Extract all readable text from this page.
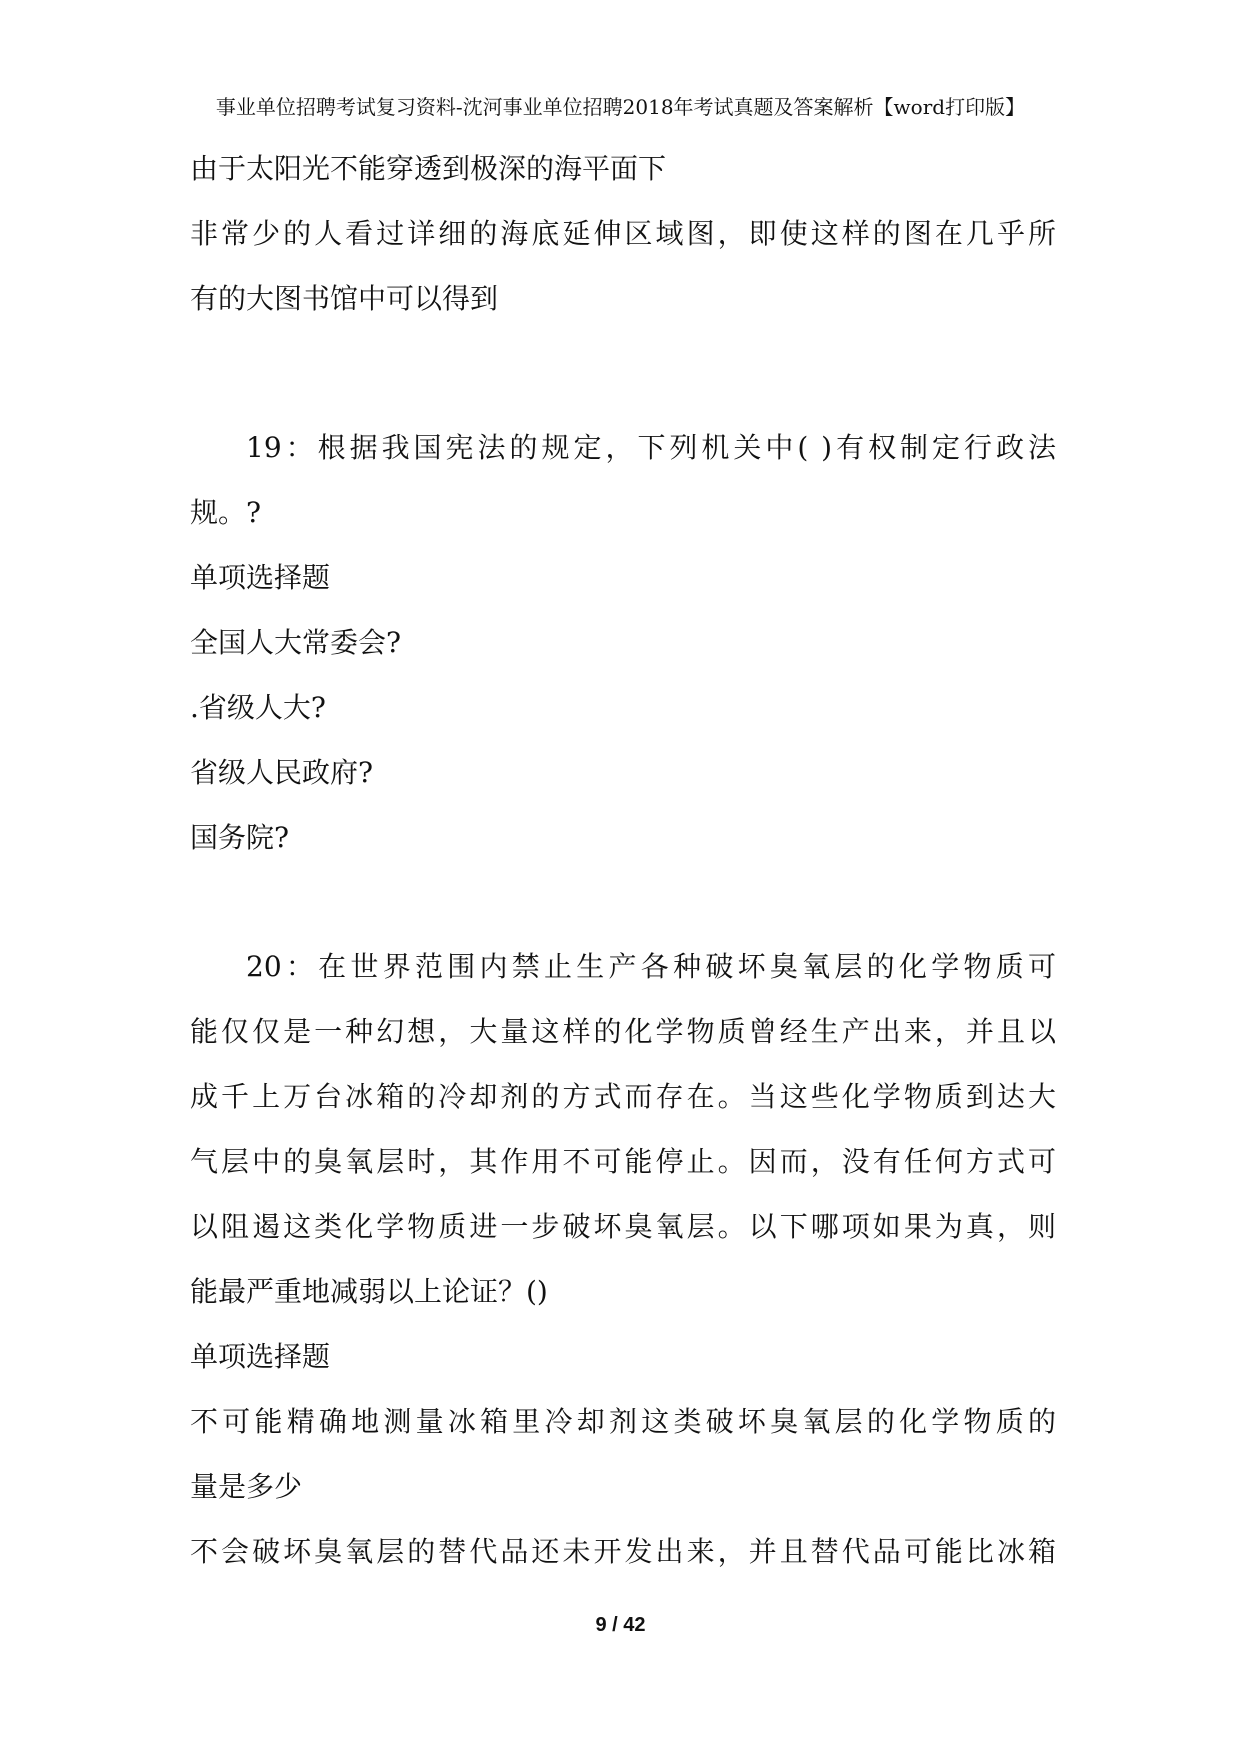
事业单位招聘考试复习资料-沈河事业单位招聘2018年考试真题及答案解析【word打印版】
由于太阳光不能穿透到极深的海平面下
非常少的人看过详细的海底延伸区域图，即使这样的图在几乎所
有的大图书馆中可以得到
19：根据我国宪法的规定，下列机关中( )有权制定行政法
规。?
单项选择题
全国人大常委会?
.省级人大?
省级人民政府?
国务院?
20：在世界范围内禁止生产各种破坏臭氧层的化学物质可
能仅仅是一种幻想，大量这样的化学物质曾经生产出来，并且以
成千上万台冰箱的冷却剂的方式而存在。当这些化学物质到达大
气层中的臭氧层时，其作用不可能停止。因而，没有任何方式可
以阻遏这类化学物质进一步破坏臭氧层。以下哪项如果为真，则
能最严重地减弱以上论证？()
单项选择题
不可能精确地测量冰箱里冷却剂这类破坏臭氧层的化学物质的
量是多少
不会破坏臭氧层的替代品还未开发出来，并且替代品可能比冰箱
9 / 42
